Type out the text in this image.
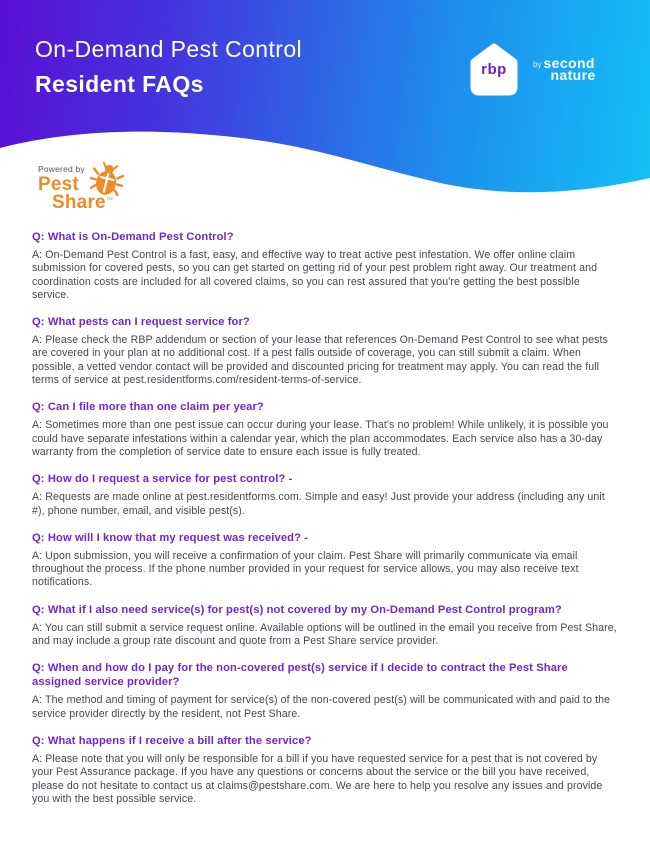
On-Demand Pest Control
Resident FAQs
rbp	by second
nature
Powered by
Pest
Share™
Q: What is On-Demand Pest Control?
A: On-Demand Pest Control is a fast, easy, and effective way to treat active pest infestation. We offer online claim submission for covered pests, so you can get started on getting rid of your pest problem right away. Our treatment and coordination costs are included for all covered claims, so you can rest assured that you're getting the best possible service.
Q: What pests can I request service for?
A: Please check the RBP addendum or section of your lease that references On-Demand Pest Control to see what pests are covered in your plan at no additional cost. If a pest falls outside of coverage, you can still submit a claim. When possible, a vetted vendor contact will be provided and discounted pricing for treatment may apply. You can read the full terms of service at pest.residentforms.com/resident-terms-of-service.
Q: Can I file more than one claim per year?
A: Sometimes more than one pest issue can occur during your lease. That's no problem! While unlikely, it is possible you could have separate infestations within a calendar year, which the plan accommodates. Each service also has a 30-day warranty from the completion of service date to ensure each issue is fully treated.
Q: How do I request a service for pest control? -
A: Requests are made online at pest.residentforms.com. Simple and easy! Just provide your address (including any unit #), phone number, email, and visible pest(s).
Q: How will I know that my request was received? -
A: Upon submission, you will receive a confirmation of your claim. Pest Share will primarily communicate via email throughout the process. If the phone number provided in your request for service allows, you may also receive text notifications.
Q: What if I also need service(s) for pest(s) not covered by my On-Demand Pest Control program?
A: You can still submit a service request online. Available options will be outlined in the email you receive from Pest Share, and may include a group rate discount and quote from a Pest Share service provider.
Q: When and how do I pay for the non-covered pest(s) service if I decide to contract the Pest Share assigned service provider?
A: The method and timing of payment for service(s) of the non-covered pest(s) will be communicated with and paid to the service provider directly by the resident, not Pest Share.
Q: What happens if I receive a bill after the service?
A: Please note that you will only be responsible for a bill if you have requested service for a pest that is not covered by your Pest Assurance package. If you have any questions or concerns about the service or the bill you have received, please do not hesitate to contact us at claims@pestshare.com. We are here to help you resolve any issues and provide you with the best possible service.
